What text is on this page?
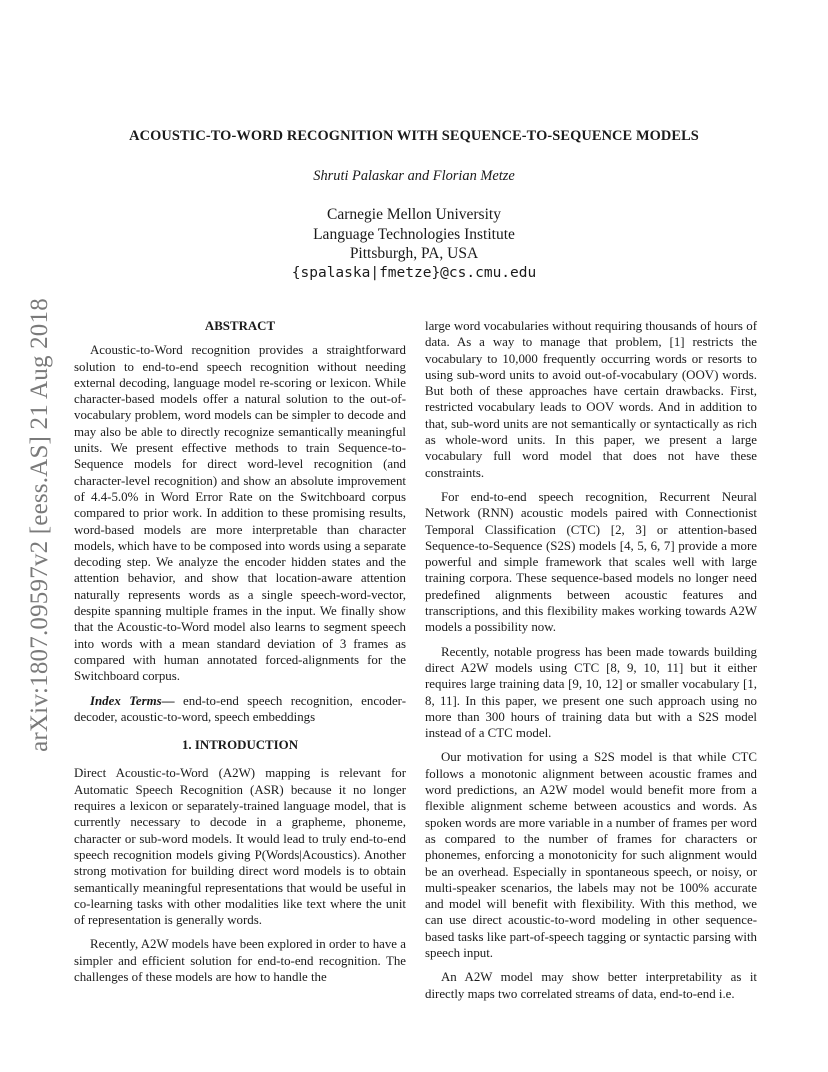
arXiv:1807.09597v2 [eess.AS] 21 Aug 2018
ACOUSTIC-TO-WORD RECOGNITION WITH SEQUENCE-TO-SEQUENCE MODELS
Shruti Palaskar and Florian Metze
Carnegie Mellon University
Language Technologies Institute
Pittsburgh, PA, USA
{spalaska|fmetze}@cs.cmu.edu
ABSTRACT

Acoustic-to-Word recognition provides a straightforward solution to end-to-end speech recognition without needing external decoding, language model re-scoring or lexicon. While character-based models offer a natural solution to the out-of-vocabulary problem, word models can be simpler to decode and may also be able to directly recognize semantically meaningful units. We present effective methods to train Sequence-to-Sequence models for direct word-level recognition (and character-level recognition) and show an absolute improvement of 4.4-5.0% in Word Error Rate on the Switchboard corpus compared to prior work. In addition to these promising results, word-based models are more interpretable than character models, which have to be composed into words using a separate decoding step. We analyze the encoder hidden states and the attention behavior, and show that location-aware attention naturally represents words as a single speech-word-vector, despite spanning multiple frames in the input. We finally show that the Acoustic-to-Word model also learns to segment speech into words with a mean standard deviation of 3 frames as compared with human annotated forced-alignments for the Switchboard corpus.

Index Terms— end-to-end speech recognition, encoder-decoder, acoustic-to-word, speech embeddings

1. INTRODUCTION

Direct Acoustic-to-Word (A2W) mapping is relevant for Automatic Speech Recognition (ASR) because it no longer requires a lexicon or separately-trained language model, that is currently necessary to decode in a grapheme, phoneme, character or sub-word models. It would lead to truly end-to-end speech recognition models giving P(Words|Acoustics). Another strong motivation for building direct word models is to obtain semantically meaningful representations that would be useful in co-learning tasks with other modalities like text where the unit of representation is generally words.

Recently, A2W models have been explored in order to have a simpler and efficient solution for end-to-end recognition. The challenges of these models are how to handle the

large word vocabularies without requiring thousands of hours of data. As a way to manage that problem, [1] restricts the vocabulary to 10,000 frequently occurring words or resorts to using sub-word units to avoid out-of-vocabulary (OOV) words. But both of these approaches have certain drawbacks. First, restricted vocabulary leads to OOV words. And in addition to that, sub-word units are not semantically or syntactically as rich as whole-word units. In this paper, we present a large vocabulary full word model that does not have these constraints.

For end-to-end speech recognition, Recurrent Neural Network (RNN) acoustic models paired with Connectionist Temporal Classification (CTC) [2, 3] or attention-based Sequence-to-Sequence (S2S) models [4, 5, 6, 7] provide a more powerful and simple framework that scales well with large training corpora. These sequence-based models no longer need predefined alignments between acoustic features and transcriptions, and this flexibility makes working towards A2W models a possibility now.

Recently, notable progress has been made towards building direct A2W models using CTC [8, 9, 10, 11] but it either requires large training data [9, 10, 12] or smaller vocabulary [1, 8, 11]. In this paper, we present one such approach using no more than 300 hours of training data but with a S2S model instead of a CTC model.

Our motivation for using a S2S model is that while CTC follows a monotonic alignment between acoustic frames and word predictions, an A2W model would benefit more from a flexible alignment scheme between acoustics and words. As spoken words are more variable in a number of frames per word as compared to the number of frames for characters or phonemes, enforcing a monotonicity for such alignment would be an overhead. Especially in spontaneous speech, or noisy, or multi-speaker scenarios, the labels may not be 100% accurate and model will benefit with flexibility. With this method, we can use direct acoustic-to-word modeling in other sequence-based tasks like part-of-speech tagging or syntactic parsing with speech input.

An A2W model may show better interpretability as it directly maps two correlated streams of data, end-to-end i.e.
